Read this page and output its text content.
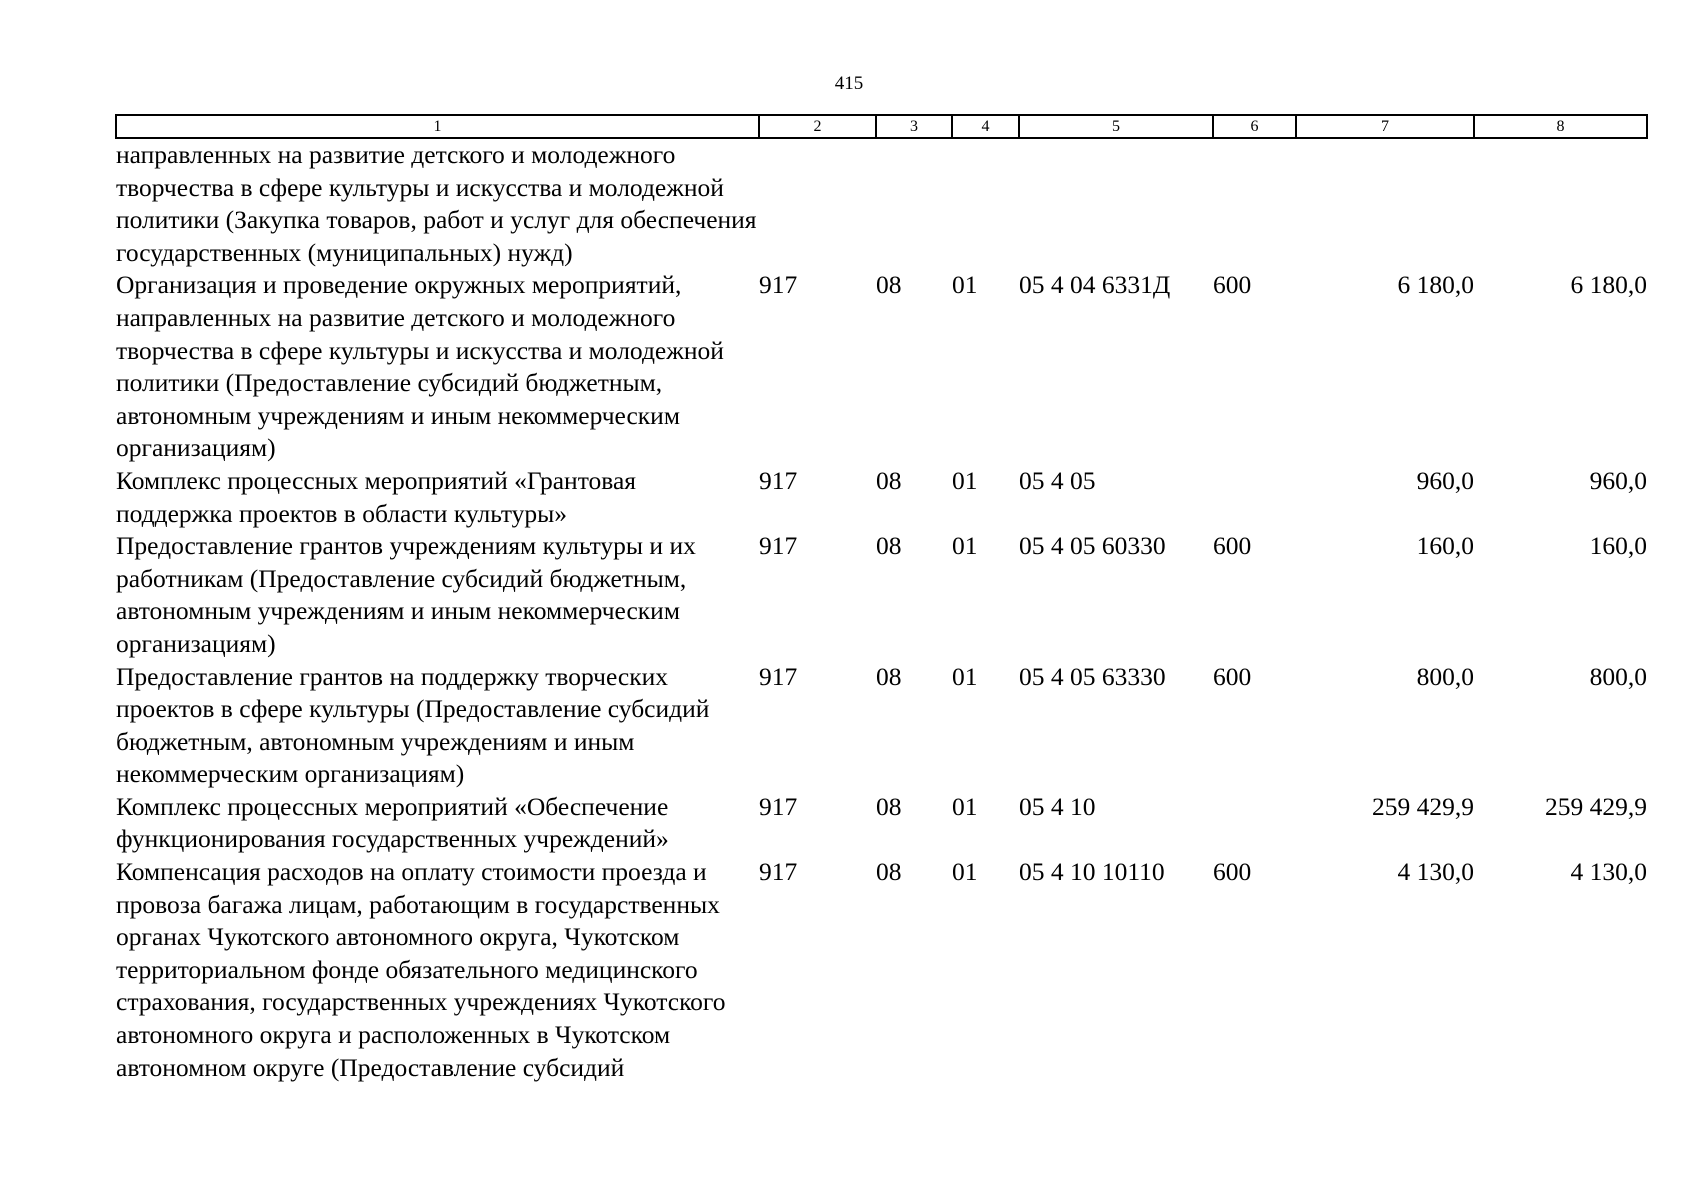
415
1	2	3	4	5	6	7	8
направленных на развитие детского и молодежного творчества в сфере культуры и искусства и молодежной политики (Закупка товаров, работ и услуг для обеспечения государственных (муниципальных) нужд)							
Организация и проведение окружных мероприятий, направленных на развитие детского и молодежного творчества в сфере культуры и искусства и молодежной политики (Предоставление субсидий бюджетным, автономным учреждениям и иным некоммерческим организациям)	917	08	01	05 4 04 6331Д	600	6 180,0	6 180,0
Комплекс процессных мероприятий «Грантовая поддержка проектов в области культуры»	917	08	01	05 4 05		960,0	960,0
Предоставление грантов учреждениям культуры и их работникам (Предоставление субсидий бюджетным, автономным учреждениям и иным некоммерческим организациям)	917	08	01	05 4 05 60330	600	160,0	160,0
Предоставление грантов на поддержку творческих проектов в сфере культуры (Предоставление субсидий бюджетным, автономным учреждениям и иным некоммерческим организациям)	917	08	01	05 4 05 63330	600	800,0	800,0
Комплекс процессных мероприятий «Обеспечение функционирования государственных учреждений»	917	08	01	05 4 10		259 429,9	259 429,9
Компенсация расходов на оплату стоимости проезда и провоза багажа лицам, работающим в государственных органах Чукотского автономного округа, Чукотском территориальном фонде обязательного медицинского страхования, государственных учреждениях Чукотского автономного округа и расположенных в Чукотском автономном округе (Предоставление субсидий	917	08	01	05 4 10 10110	600	4 130,0	4 130,0
